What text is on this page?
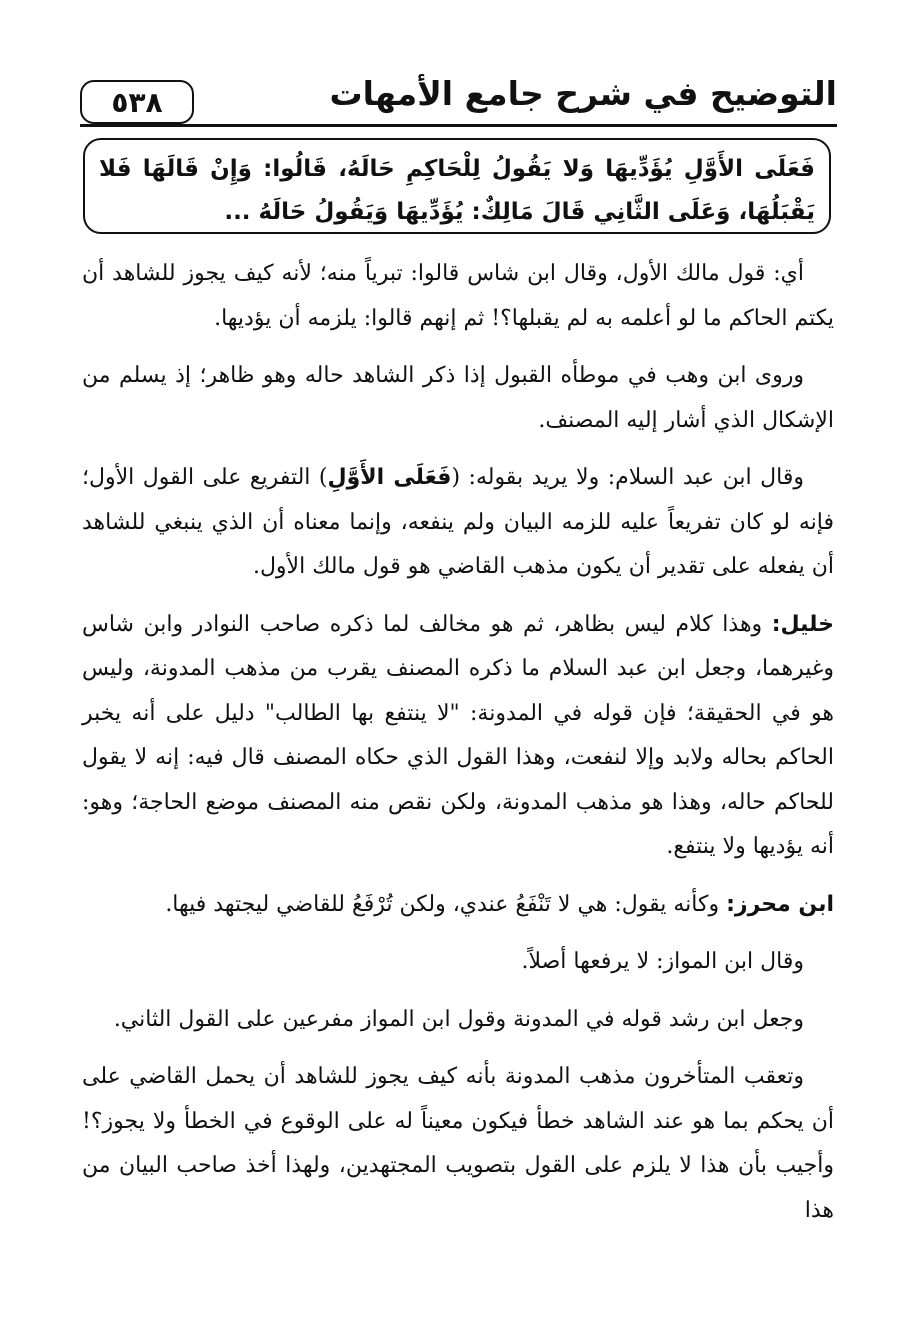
التوضيح في شرح جامع الأمهات
٥٣٨
فَعَلَى الأَوَّلِ يُؤَدِّيهَا وَلا يَقُولُ لِلْحَاكِمِ حَالَهُ، قَالُوا: وَإِنْ قَالَهَا فَلا يَقْبَلُهَا، وَعَلَى الثَّانِي قَالَ مَالِكٌ: يُؤَدِّيهَا وَيَقُولُ حَالَهُ ...

أي: قول مالك الأول، وقال ابن شاس قالوا: تبرياً منه؛ لأنه كيف يجوز للشاهد أن يكتم الحاكم ما لو أعلمه به لم يقبلها؟! ثم إنهم قالوا: يلزمه أن يؤديها.

وروى ابن وهب في موطأه القبول إذا ذكر الشاهد حاله وهو ظاهر؛ إذ يسلم من الإشكال الذي أشار إليه المصنف.

وقال ابن عبد السلام: ولا يريد بقوله: (فَعَلَى الأَوَّلِ) التفريع على القول الأول؛ فإنه لو كان تفريعاً عليه للزمه البيان ولم ينفعه، وإنما معناه أن الذي ينبغي للشاهد أن يفعله على تقدير أن يكون مذهب القاضي هو قول مالك الأول.

خليل: وهذا كلام ليس بظاهر، ثم هو مخالف لما ذكره صاحب النوادر وابن شاس وغيرهما، وجعل ابن عبد السلام ما ذكره المصنف يقرب من مذهب المدونة، وليس هو في الحقيقة؛ فإن قوله في المدونة: "لا ينتفع بها الطالب" دليل على أنه يخبر الحاكم بحاله ولابد وإلا لنفعت، وهذا القول الذي حكاه المصنف قال فيه: إنه لا يقول للحاكم حاله، وهذا هو مذهب المدونة، ولكن نقص منه المصنف موضع الحاجة؛ وهو: أنه يؤديها ولا ينتفع.

ابن محرز: وكأنه يقول: هي لا تَنْفَعُ عندي، ولكن تُرْفَعُ للقاضي ليجتهد فيها.

وقال ابن المواز: لا يرفعها أصلاً.

وجعل ابن رشد قوله في المدونة وقول ابن المواز مفرعين على القول الثاني.

وتعقب المتأخرون مذهب المدونة بأنه كيف يجوز للشاهد أن يحمل القاضي على أن يحكم بما هو عند الشاهد خطأ فيكون معيناً له على الوقوع في الخطأ ولا يجوز؟! وأجيب بأن هذا لا يلزم على القول بتصويب المجتهدين، ولهذا أخذ صاحب البيان من هذا
